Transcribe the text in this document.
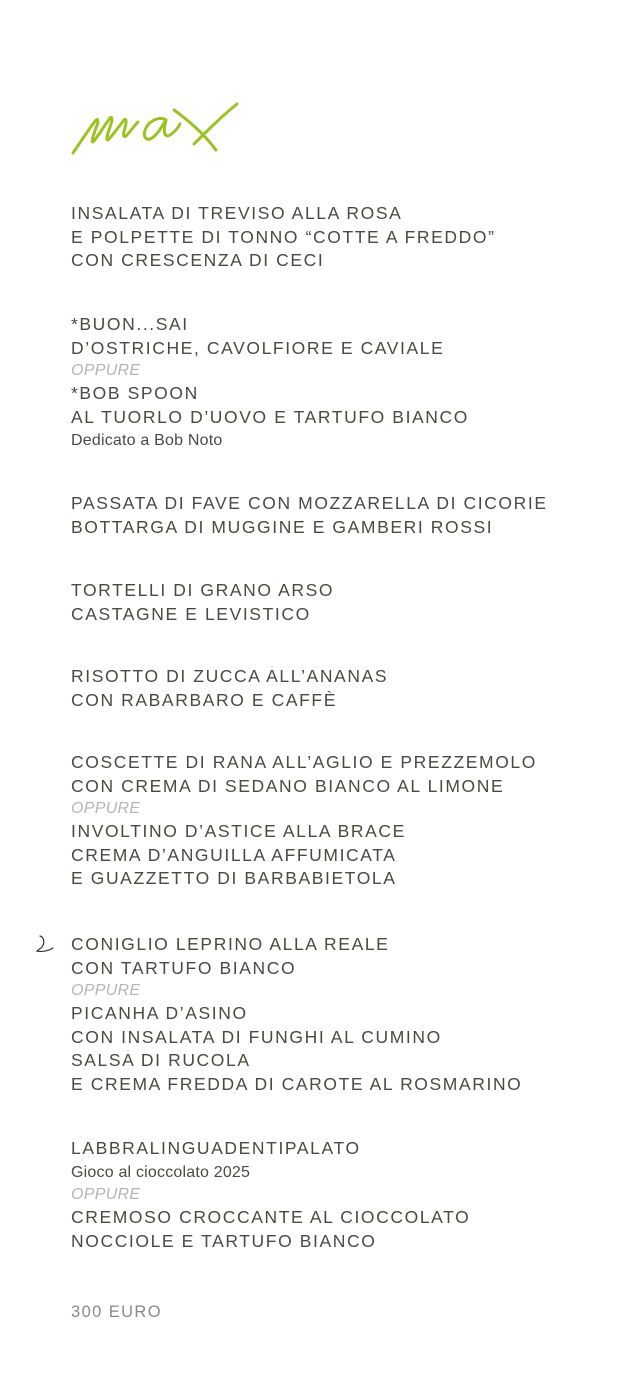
INSALATA DI TREVISO ALLA ROSA
E POLPETTE DI TONNO “COTTE A FREDDO”
CON CRESCENZA DI CECI
*BUON...SAI
D’OSTRICHE, CAVOLFIORE E CAVIALE
OPPURE
*BOB SPOON
AL TUORLO D’UOVO E TARTUFO BIANCO
Dedicato a Bob Noto
PASSATA DI FAVE CON MOZZARELLA DI CICORIE
BOTTARGA DI MUGGINE E GAMBERI ROSSI
TORTELLI DI GRANO ARSO
CASTAGNE E LEVISTICO
RISOTTO DI ZUCCA ALL’ANANAS
CON RABARBARO E CAFFÈ
COSCETTE DI RANA ALL’AGLIO E PREZZEMOLO
CON CREMA DI SEDANO BIANCO AL LIMONE
OPPURE
INVOLTINO D’ASTICE ALLA BRACE
CREMA D’ANGUILLA AFFUMICATA
E GUAZZETTO DI BARBABIETOLA
CONIGLIO LEPRINO ALLA REALE
CON TARTUFO BIANCO
OPPURE
PICANHA D’ASINO
CON INSALATA DI FUNGHI AL CUMINO
SALSA DI RUCOLA
E CREMA FREDDA DI CAROTE AL ROSMARINO
LABBRALINGUADENTIPALATO
Gioco al cioccolato 2025
OPPURE
CREMOSO CROCCANTE AL CIOCCOLATO
NOCCIOLE E TARTUFO BIANCO
300 EURO
